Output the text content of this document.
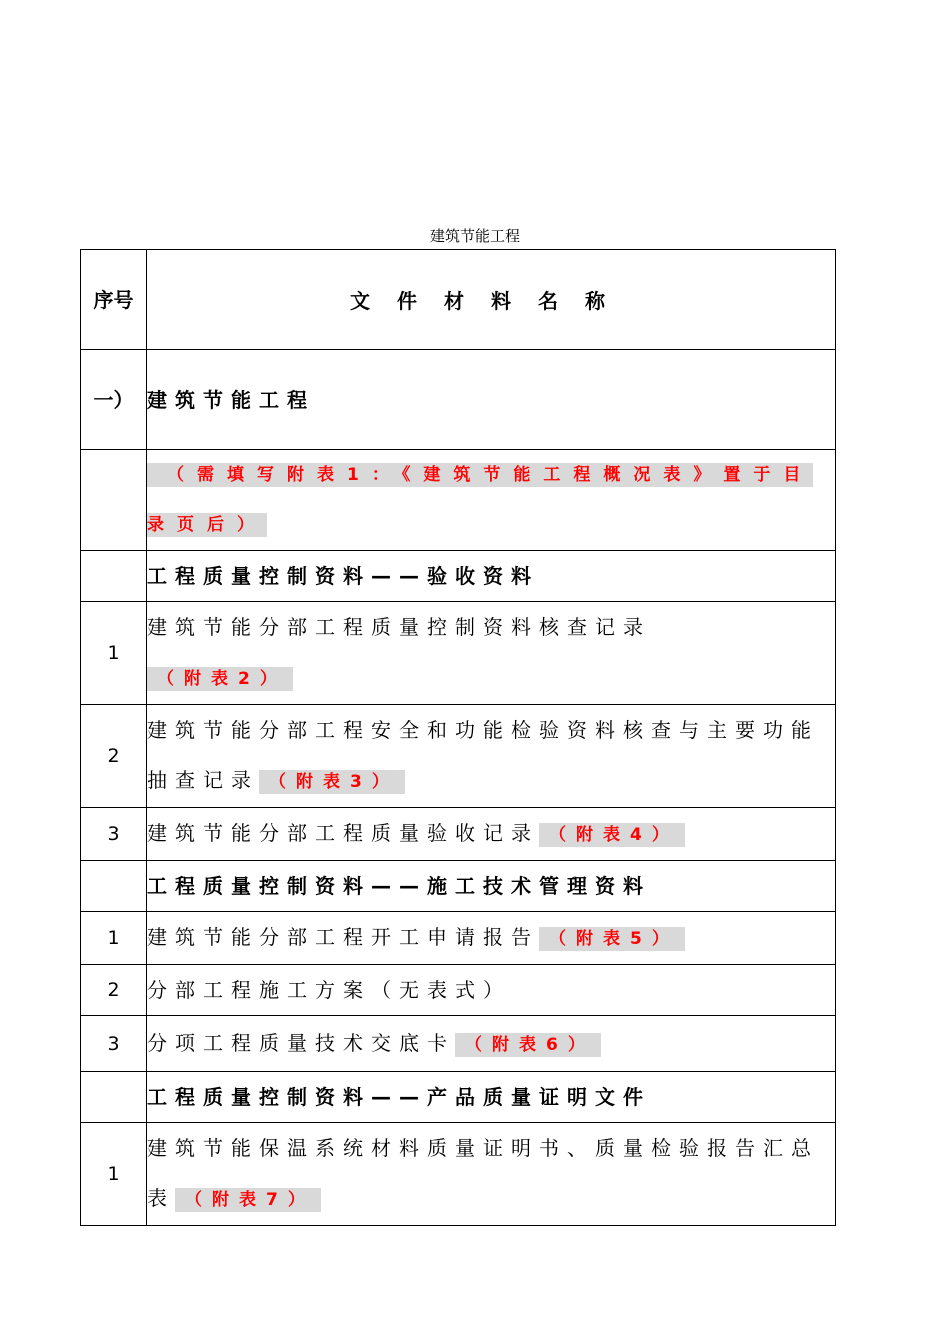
建筑节能工程
序号	文件材料名称
一）	建筑节能工程
	（需填写附表1：《建筑节能工程概况表》置于目录页后）
	工程质量控制资料——验收资料
1	建筑节能分部工程质量控制资料核查记录
（附表2）
2	建筑节能分部工程安全和功能检验资料核查与主要功能抽查记录 （附表3）
3	建筑节能分部工程质量验收记录 （附表4）
	工程质量控制资料——施工技术管理资料
1	建筑节能分部工程开工申请报告 （附表5）
2	分部工程施工方案（无表式）
3	分项工程质量技术交底卡 （附表6）
	工程质量控制资料——产品质量证明文件
1	建筑节能保温系统材料质量证明书、质量检验报告汇总表 （附表7）
